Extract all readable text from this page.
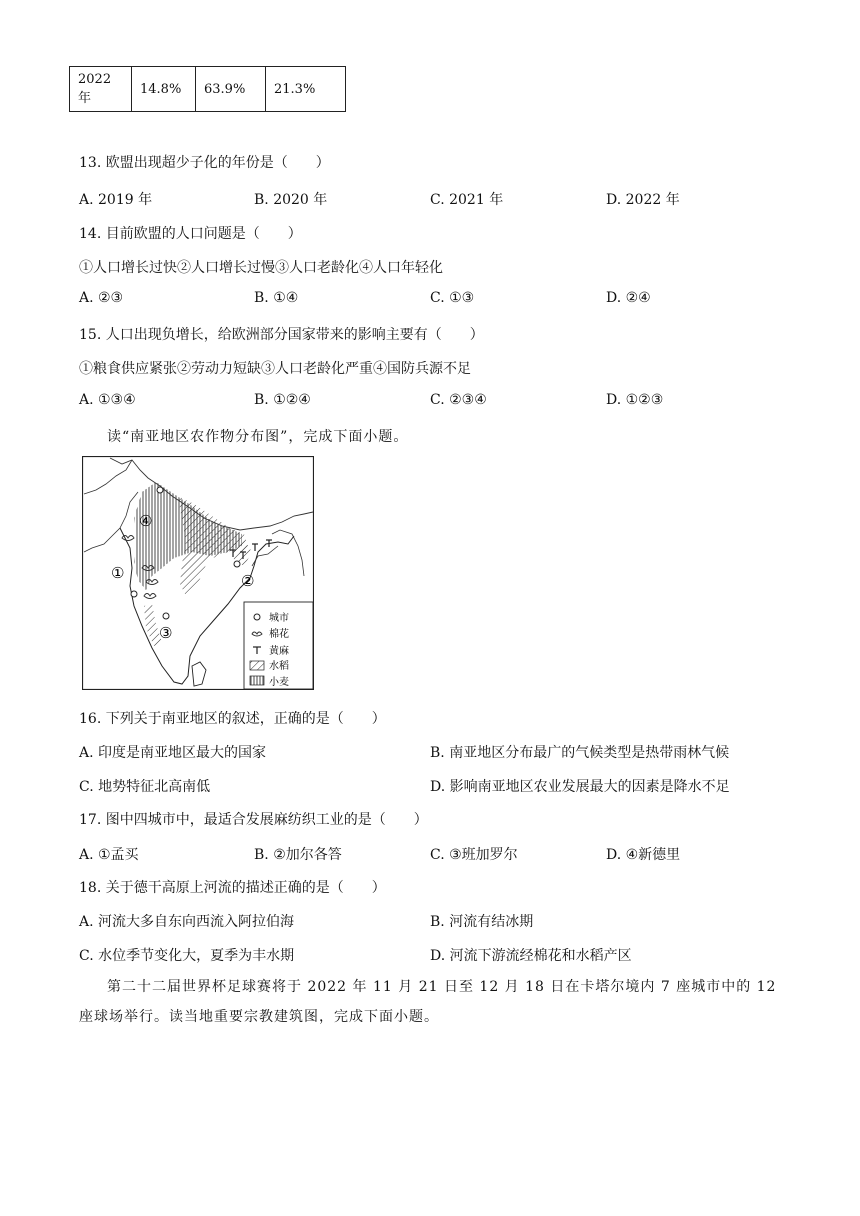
2022 年	14.8%	63.9%	21.3%
13. 欧盟出现超少子化的年份是（　　）
A. 2019 年	B. 2020 年	C. 2021 年	D. 2022 年
14. 目前欧盟的人口问题是（　　）
①人口增长过快②人口增长过慢③人口老龄化④人口年轻化
A. ②③	B. ①④	C. ①③	D. ②④
15. 人口出现负增长，给欧洲部分国家带来的影响主要有（　　）
①粮食供应紧张②劳动力短缺③人口老龄化严重④国防兵源不足
A. ①③④	B. ①②④	C. ②③④	D. ①②③
读“南亚地区农作物分布图”，完成下面小题。
④
①	②
③
城市
棉花
黄麻
水稻
小麦
16. 下列关于南亚地区的叙述，正确的是（　　）
A. 印度是南亚地区最大的国家	B. 南亚地区分布最广的气候类型是热带雨林气候
C. 地势特征北高南低	D. 影响南亚地区农业发展最大的因素是降水不足
17. 图中四城市中，最适合发展麻纺织工业的是（　　）
A. ①孟买	B. ②加尔各答	C. ③班加罗尔	D. ④新德里
18. 关于德干高原上河流的描述正确的是（　　）
A. 河流大多自东向西流入阿拉伯海	B. 河流有结冰期
C. 水位季节变化大，夏季为丰水期	D. 河流下游流经棉花和水稻产区
第二十二届世界杯足球赛将于 2022 年 11 月 21 日至 12 月 18 日在卡塔尔境内 7 座城市中的 12 座球场举行。读当地重要宗教建筑图，完成下面小题。
